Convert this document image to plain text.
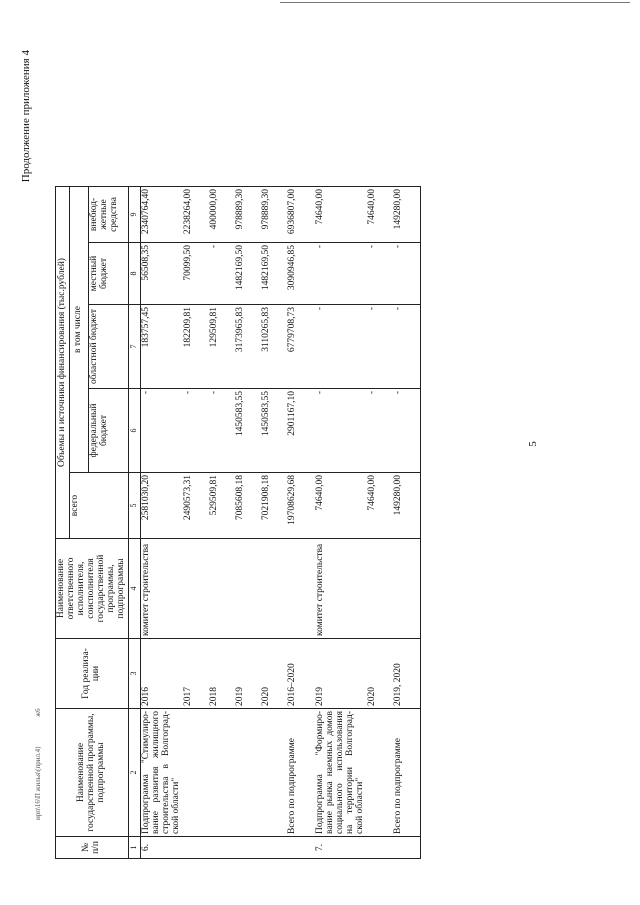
5
ирп\16\П жилья\(прил.4) ж6
Продолжение приложения 4
№ п/п	Наименование государственной программы, подпрограммы	Год реализа-ции	Наименование ответственного исполнителя, соисполнителя государственной программы, подпрограммы	Объемы и источники финансирования (тыс.рублей)				
				всего	в том числе			
					федеральный бюджет	областной бюджет	местный бюджет	внебюд-жетные средства
1	2	3	4	5	6	7	8	9
6.	Подпрограмма "Стимулиро-вание развития жилищного строительства в Волгоград-ской области"	2016	комитет строительства	2581030,20	-	183757,45	56508,35	2340764,40
		2017		2490573,31	-	182209,81	70099,50	2238264,00
		2018		529509,81	-	129509,81	-	400000,00
		2019		7085608,18	1450583,55	3173965,83	1482169,50	978889,30
		2020		7021908,18	1450583,55	3110265,83	1482169,50	978889,30
	Всего по подпрограмме	2016–2020		19708629,68	2901167,10	6779708,73	3090946,85	6936807,00
7.	Подпрограмма "Формиро-вание рынка наемных домов социального использования на территории Волгоград-ской области"	2019	комитет строительства	74640,00	-	-	-	74640,00
		2020		74640,00	-	-	-	74640,00
	Всего по подпрограмме	2019, 2020		149280,00	-	-	-	149280,00
